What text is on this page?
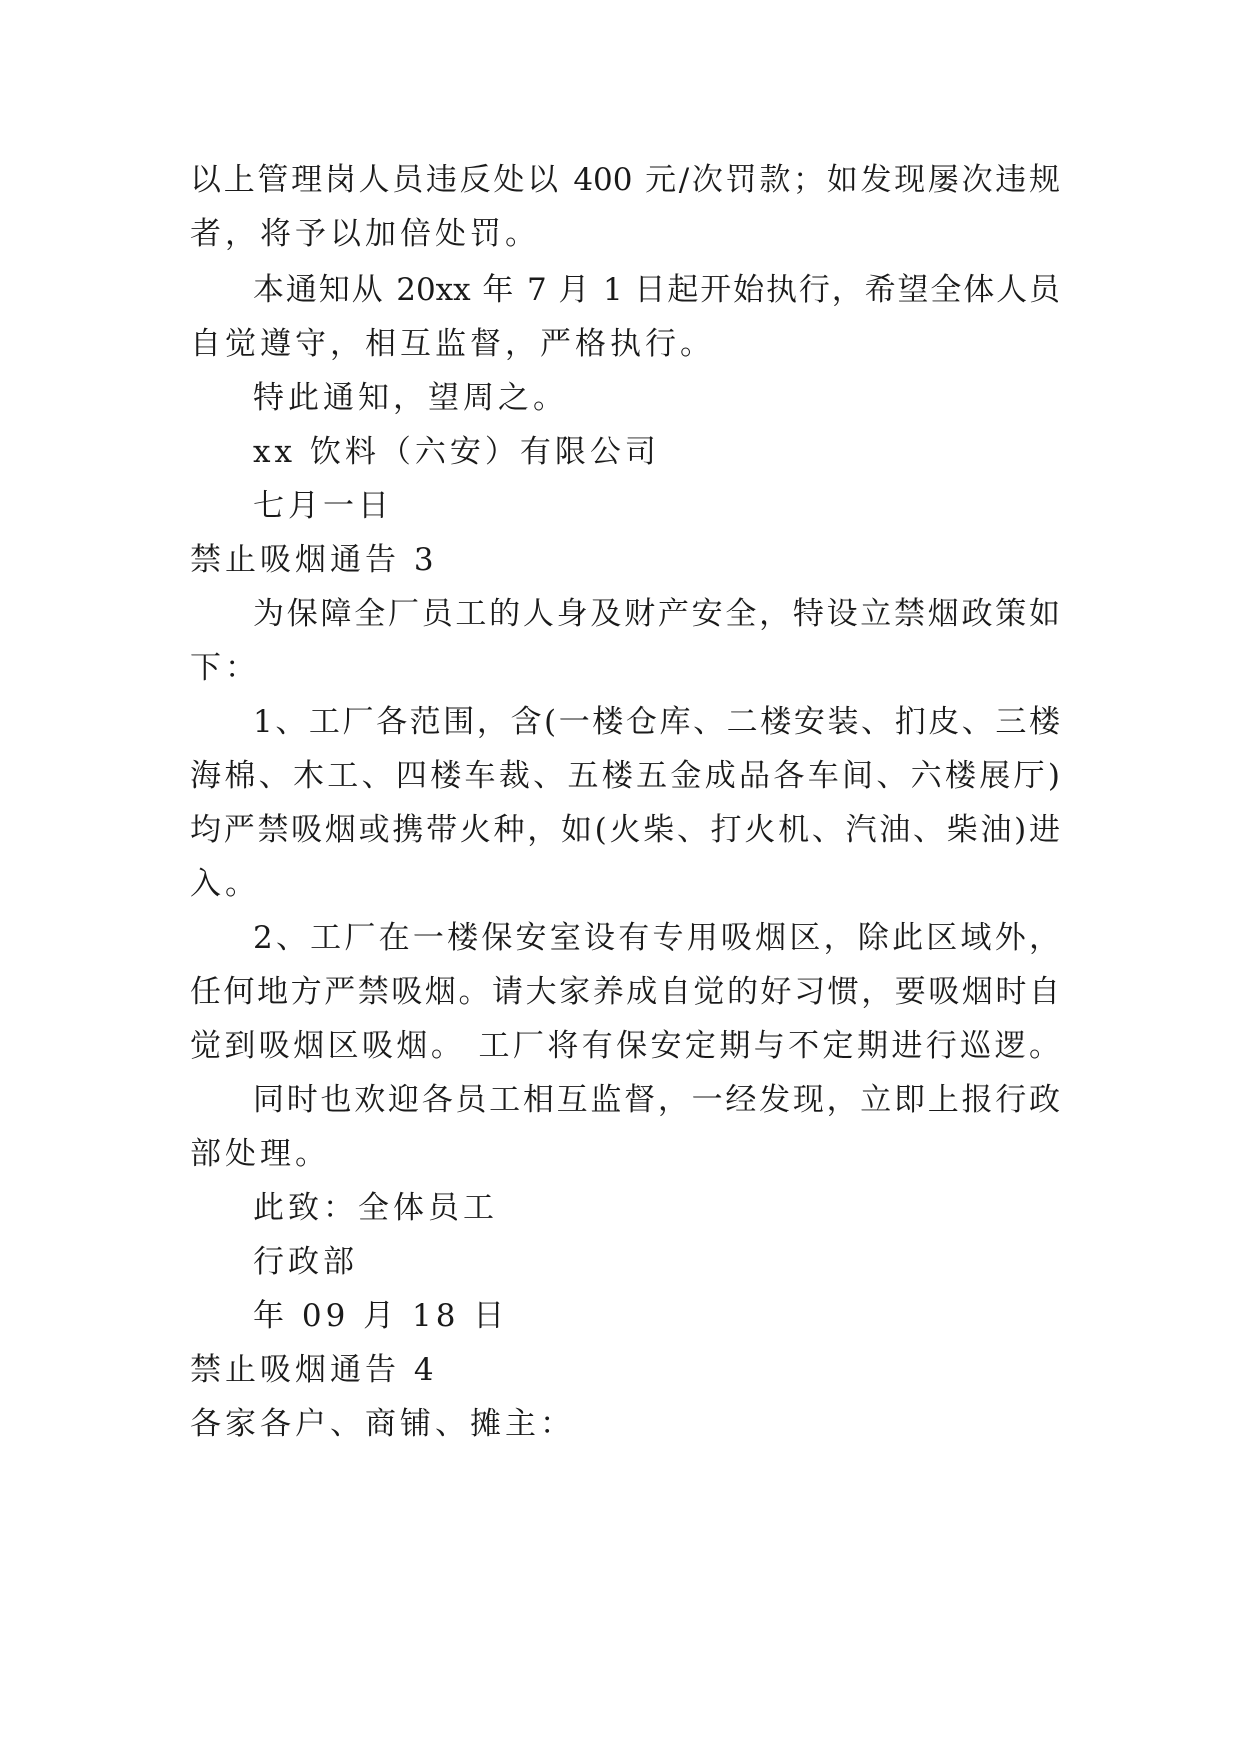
以上管理岗人员违反处以 400 元/次罚款；如发现屡次违规
者，将予以加倍处罚。
本通知从 20xx 年 7 月 1 日起开始执行，希望全体人员
自觉遵守，相互监督，严格执行。
特此通知，望周之。
xx 饮料（六安）有限公司
七月一日
禁止吸烟通告 3
为保障全厂员工的人身及财产安全，特设立禁烟政策如
下：
1、工厂各范围，含(一楼仓库、二楼安装、扪皮、三楼
海棉、木工、四楼车裁、五楼五金成品各车间、六楼展厅)
均严禁吸烟或携带火种，如(火柴、打火机、汽油、柴油)进
入。
2、工厂在一楼保安室设有专用吸烟区，除此区域外，
任何地方严禁吸烟。请大家养成自觉的好习惯，要吸烟时自
觉到吸烟区吸烟。 工厂将有保安定期与不定期进行巡逻。
同时也欢迎各员工相互监督，一经发现，立即上报行政
部处理。
此致：全体员工
行政部
年 09 月 18 日
禁止吸烟通告 4
各家各户、商铺、摊主：
